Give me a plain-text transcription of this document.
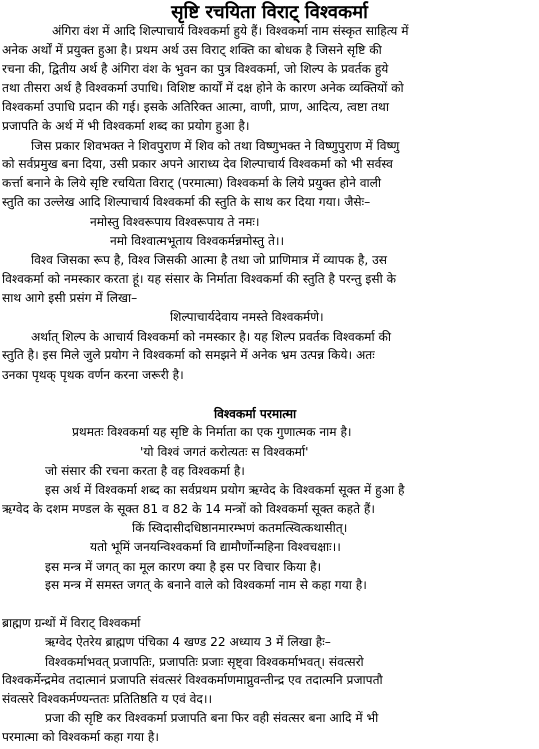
सृष्टि रचयिता विराट् विश्वकर्मा
अंगिरा वंश में आदि शिल्पाचार्य विश्वकर्मा हुये हैं। विश्वकर्मा नाम संस्कृत साहित्य में
अनेक अर्थों में प्रयुक्त हुआ है। प्रथम अर्थ उस विराट् शक्ति का बोधक है जिसने सृष्टि की
रचना की, द्वितीय अर्थ है अंगिरा वंश के भुवन का पुत्र विश्वकर्मा, जो शिल्प के प्रवर्तक हुये
तथा तीसरा अर्थ है विश्वकर्मा उपाधि। विशिष्ट कार्यों में दक्ष होने के कारण अनेक व्यक्तियों को
विश्वकर्मा उपाधि प्रदान की गई। इसके अतिरिक्त आत्मा, वाणी, प्राण, आदित्य, त्वष्टा तथा
प्रजापति के अर्थ में भी विश्वकर्मा शब्द का प्रयोग हुआ है।
जिस प्रकार शिवभक्त ने शिवपुराण में शिव को तथा विष्णुभक्त ने विष्णुपुराण में विष्णु
को सर्वप्रमुख बना दिया, उसी प्रकार अपने आराध्य देव शिल्पाचार्य विश्वकर्मा को भी सर्वस्व
कर्त्ता बनाने के लिये सृष्टि रचयिता विराट् (परमात्मा) विश्वकर्मा के लिये प्रयुक्त होने वाली
स्तुति का उल्लेख आदि शिल्पाचार्य विश्वकर्मा की स्तुति के साथ कर दिया गया। जैसेः–
नमोस्तु विश्वरूपाय विश्वरूपाय ते नमः।
नमो विश्वात्मभूताय विश्वकर्मन्नमोस्तु ते।।
विश्व जिसका रूप है, विश्व जिसकी आत्मा है तथा जो प्राणिमात्र में व्यापक है, उस
विश्वकर्मा को नमस्कार करता हूं। यह संसार के निर्माता विश्वकर्मा की स्तुति है परन्तु इसी के
साथ आगे इसी प्रसंग में लिखा–
शिल्पाचार्यदेवाय नमस्ते विश्वकर्मणे।
अर्थात् शिल्प के आचार्य विश्वकर्मा को नमस्कार है। यह शिल्प प्रवर्तक विश्वकर्मा की
स्तुति है। इस मिले जुले प्रयोग ने विश्वकर्मा को समझने में अनेक भ्रम उत्पन्न किये। अतः
उनका पृथक् पृथक वर्णन करना जरूरी है।
विश्वकर्मा परमात्मा
प्रथमतः विश्वकर्मा यह सृष्टि के निर्माता का एक गुणात्मक नाम है।
'यो विश्वं जगतं करोत्यतः स विश्वकर्मा'
जो संसार की रचना करता है वह विश्वकर्मा है।
इस अर्थ में विश्वकर्मा शब्द का सर्वप्रथम प्रयोग ऋग्वेद के विश्वकर्मा सूक्त में हुआ है
ऋग्वेद के दशम मण्डल के सूक्त 81 व 82 के 14 मन्त्रों को विश्वकर्मा सूक्त कहते हैं।
किं स्विदासीदधिष्ठानमारम्भणं कतमत्स्वित्कथासीत्।
यतो भूमिं जनयन्विश्वकर्मा वि द्यामौर्णोन्महिना विश्वचक्षाः।।
इस मन्त्र में जगत् का मूल कारण क्या है इस पर विचार किया है।
इस मन्त्र में समस्त जगत् के बनाने वाले को विश्वकर्मा नाम से कहा गया है।
ब्राह्मण ग्रन्थों में विराट् विश्वकर्मा
ऋग्वेद ऐतरेय ब्राह्मण पंचिका 4 खण्ड 22 अध्याय 3 में लिखा हैः–
विश्वकर्माभवत् प्रजापतिः, प्रजापतिः प्रजाः सृष्ट्वा विश्वकर्माभवत्। संवत्सरो
विश्वकर्मेन्द्रमेव तदात्मानं प्रजापति संवत्सरं विश्वकर्माणमाप्नुवन्तीन्द्र एव तदात्मनि प्रजापतौ
संवत्सरे विश्वकर्मण्यन्ततः प्रतितिष्ठति य एवं वेद।।
प्रजा की सृष्टि कर विश्वकर्मा प्रजापति बना फिर वही संवत्सर बना आदि में भी
परमात्मा को विश्वकर्मा कहा गया है।
